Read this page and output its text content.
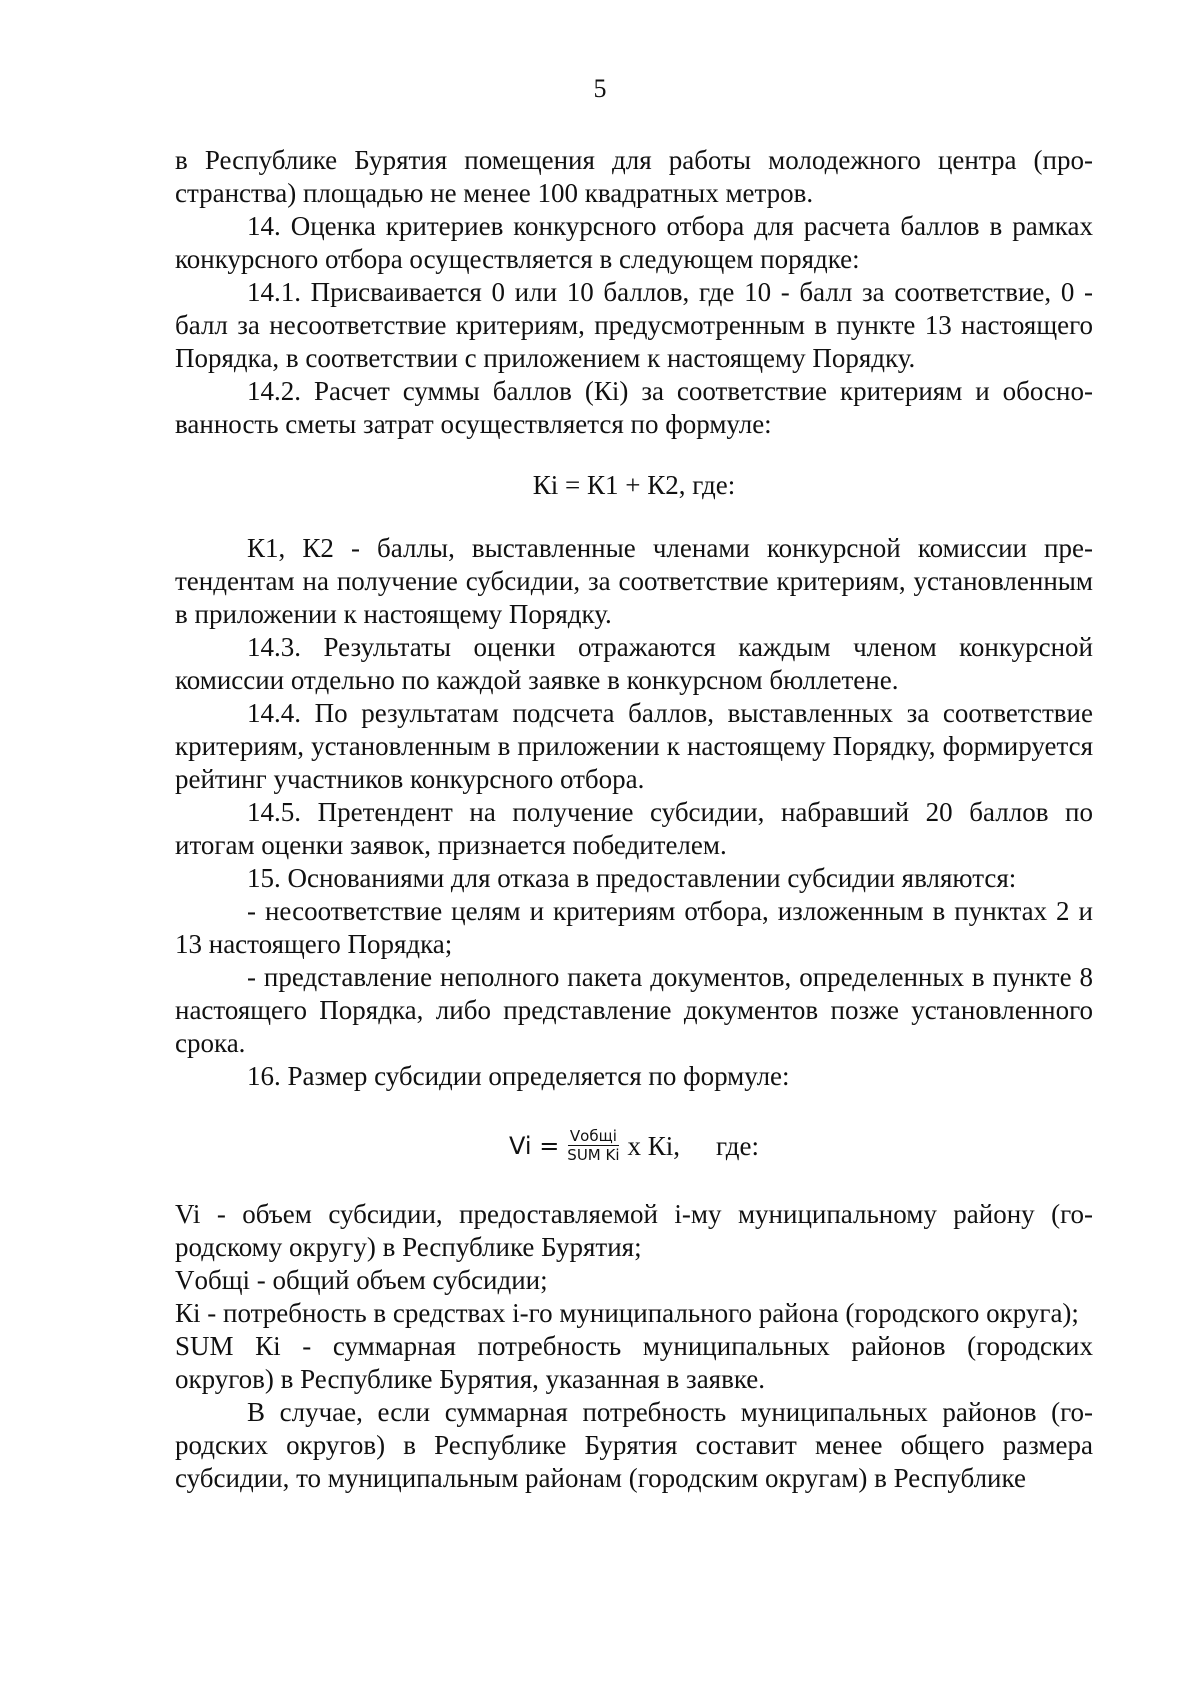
5

в Республике Бурятия помещения для работы молодежного центра (пространства) площадью не менее 100 квадратных метров.

14. Оценка критериев конкурсного отбора для расчета баллов в рамках конкурсного отбора осуществляется в следующем порядке:

14.1. Присваивается 0 или 10 баллов, где 10 - балл за соответствие, 0 - балл за несоответствие критериям, предусмотренным в пункте 13 настоящего Порядка, в соответствии с приложением к настоящему Порядку.

14.2. Расчет суммы баллов (Кi) за соответствие критериям и обоснованность сметы затрат осуществляется по формуле:

Кi = К1 + К2, где:

К1, К2 - баллы, выставленные членами конкурсной комиссии претендентам на получение субсидии, за соответствие критериям, установленным в приложении к настоящему Порядку.

14.3. Результаты оценки отражаются каждым членом конкурсной комиссии отдельно по каждой заявке в конкурсном бюллетене.

14.4. По результатам подсчета баллов, выставленных за соответствие критериям, установленным в приложении к настоящему Порядку, формируется рейтинг участников конкурсного отбора.

14.5. Претендент на получение субсидии, набравший 20 баллов по итогам оценки заявок, признается победителем.

15. Основаниями для отказа в предоставлении субсидии являются:

- несоответствие целям и критериям отбора, изложенным в пунктах 2 и 13 настоящего Порядка;

- представление неполного пакета документов, определенных в пункте 8 настоящего Порядка, либо представление документов позже установленного срока.

16. Размер субсидии определяется по формуле:

$Vi = \frac{\text{Vобщi}}{\text{SUM Ki}}$ x Кi, где:

Vi - объем субсидии, предоставляемой i-му муниципальному району (городскому округу) в Республике Бурятия;

Vобщi - общий объем субсидии;

Кi - потребность в средствах i-го муниципального района (городского округа);

SUM Кi - суммарная потребность муниципальных районов (городских округов) в Республике Бурятия, указанная в заявке.

В случае, если суммарная потребность муниципальных районов (городских округов) в Республике Бурятия составит менее общего размера субсидии, то муниципальным районам (городским округам) в Республике
